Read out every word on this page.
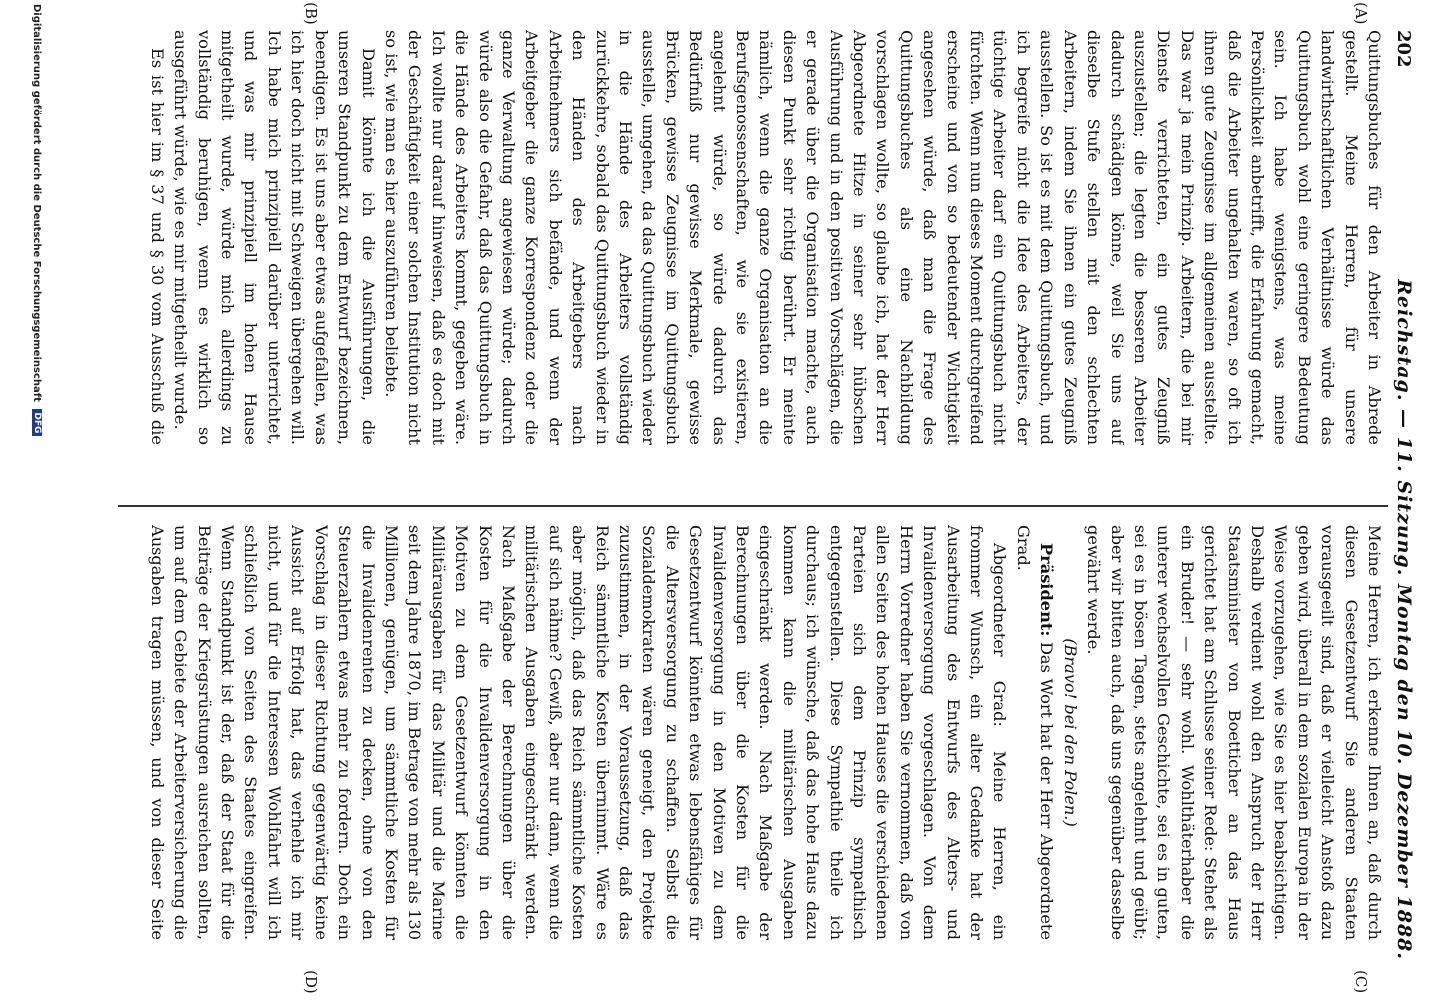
202
Reichstag. — 11. Sitzung. Montag den 10. Dezember 1888.
(A)
(B)
(C)
(D)

Quittungsbuches für den Arbeiter in Abrede gestellt. Meine Herren, für unsere landwirthschaftlichen Verhältnisse würde das Quittungsbuch wohl eine geringere Bedeutung sein. Ich habe wenigstens, was meine Persönlichkeit anbetrifft, die Erfahrung gemacht, daß die Arbeiter ungehalten waren, so oft ich ihnen gute Zeugnisse im allgemeinen ausstellte. Das war ja mein Prinzip. Arbeitern, die bei mir Dienste verrichteten, ein gutes Zeugniß auszustellen; die legten die besseren Arbeiter dadurch schädigen könne, weil Sie uns auf dieselbe Stufe stellen mit den schlechten Arbeitern, indem Sie ihnen ein gutes Zeugniß ausstellen. So ist es mit dem Quittungsbuch, und ich begreife nicht die Idee des Arbeiters, der tüchtige Arbeiter darf ein Quittungsbuch nicht fürchten. Wenn nun dieses Moment durchgreifend erscheine und von so bedeutender Wichtigkeit angesehen würde, daß man die Frage des Quittungsbuches als eine Nachbildung vorschlagen wollte, so glaube ich, hat der Herr Abgeordnete Hitze in seiner sehr hübschen Ausführung und in den positiven Vorschlägen, die er gerade über die Organisation machte, auch diesen Punkt sehr richtig berührt. Er meinte nämlich, wenn die ganze Organisation an die Berufsgenossenschaften, wie sie existieren, angelehnt würde, so würde dadurch das Bedürfniß nur gewisse Merkmale, gewisse Brücken, gewisse Zeugnisse im Quittungsbuch ausstelle, umgehen, da das Quittungsbuch wieder in die Hände des Arbeiters vollständig zurückkehre, sobald das Quittungsbuch wieder in den Händen des Arbeitgebers nach Arbeitnehmers sich befände, und wenn der Arbeitgeber die ganze Korrespondenz oder die ganze Verwaltung angewiesen würde; dadurch würde also die Gefahr, daß das Quittungsbuch in die Hände des Arbeiters kommt, gegeben wäre. Ich wollte nur darauf hinweisen, daß es doch mit der Geschäftigkeit einer solchen Institution nicht so ist, wie man es hier auszuführen beliebte.

Damit könnte ich die Ausführungen, die unseren Standpunkt zu dem Entwurf bezeichnen, beendigen. Es ist uns aber etwas aufgefallen, was ich hier doch nicht mit Schweigen übergehen will. Ich habe mich prinzipiell darüber unterrichtet, und was mir prinzipiell im hohen Hause mitgetheilt wurde, würde mich allerdings zu vollständig beruhigen, wenn es wirklich so ausgeführt würde, wie es mir mitgetheilt wurde.

Es ist hier im § 37 und § 30 vom Ausschuß die

Meine Herren, ich erkenne Ihnen an, daß durch diesen Gesetzentwurf Sie anderen Staaten vorausgeeilt sind, daß er vielleicht Anstoß dazu geben wird, überall in dem sozialen Europa in der Weise vorzugehen, wie Sie es hier beabsichtigen. Deshalb verdient wohl den Anspruch der Herr Staatsminister von Boetticher an das Haus gerichtet hat am Schlusse seiner Rede: Stehet als ein Bruder! — sehr wohl. Wohlthäterhaber die unterer wechselvollen Geschichte, sei es in guten, sei es in bösen Tagen, stets angelehnt und geübt; aber wir bitten auch, daß uns gegenüber dasselbe gewährt werde.

(Bravo! bei den Polen.)

Präsident: Das Wort hat der Herr Abgeordnete Grad.

Abgeordneter Grad: Meine Herren, ein frommer Wunsch, ein alter Gedanke hat der Ausarbeitung des Entwurfs des Alters- und Invalidenversorgung vorgeschlagen. Von dem Herrn Vorredner haben Sie vernommen, daß von allen Seiten des hohen Hauses die verschiedenen Parteien sich dem Prinzip sympathisch entgegenstellen. Diese Sympathie theile ich durchaus; ich wünsche, daß das hohe Haus dazu kommen kann die militärischen Ausgaben eingeschränkt werden. Nach Maßgabe der Berechnungen über die Kosten für die Invalidenversorgung in den Motiven zu dem Gesetzentwurf könnten etwas lebensfähiges für die Altersversorgung zu schaffen. Selbst die Sozialdemokraten wären geneigt, den Projekte zuzustimmen, in der Voraussetzung, daß das Reich sämmtliche Kosten übernimmt. Wäre es aber möglich, daß das Reich sämmtliche Kosten auf sich nähme? Gewiß, aber nur dann, wenn die militärischen Ausgaben eingeschränkt werden. Nach Maßgabe der Berechnungen über die Kosten für die Invalidenversorgung in den Motiven zu dem Gesetzentwurf könnten die Militärausgaben für das Militär und die Marine seit dem Jahre 1870, im Betrage von mehr als 130 Millionen, genügen, um sämmtliche Kosten für die Invalidenrenten zu decken, ohne von den Steuerzahlern etwas mehr zu fordern. Doch ein Vorschlag in dieser Richtung gegenwärtig keine Aussicht auf Erfolg hat, das verhehle ich mir nicht, und für die Interessen Wohlfahrt will ich schließlich von Seiten des Staates eingreifen. Wenn Standpunkt ist der, daß der Staat für die Beiträge der Kriegsrüstungen ausreichen sollten, um auf dem Gebiete der Arbeiterversicherung die Ausgaben tragen müssen, und von dieser Seite

Digitalisierung gefördert durch die Deutsche Forschungsgemeinschaft DFG
